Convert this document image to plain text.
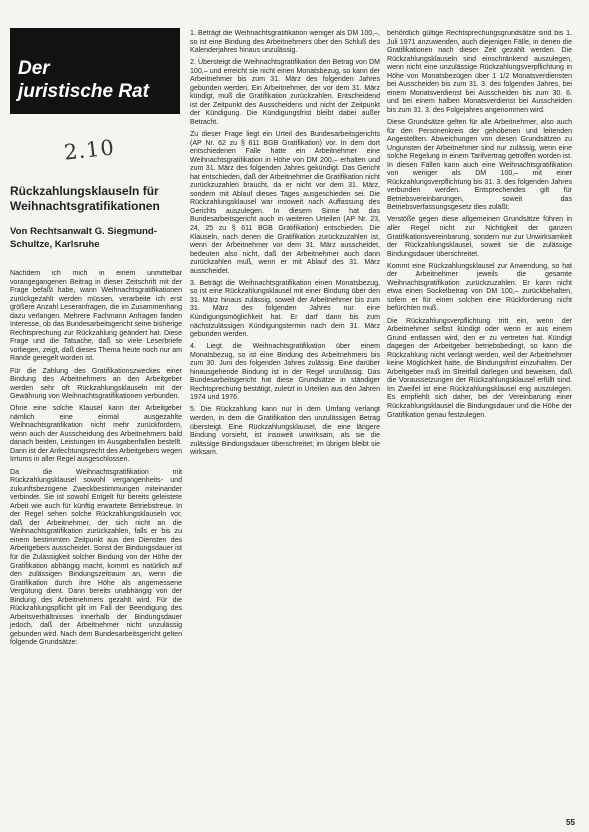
Der
juristische Rat
2.10
Rückzahlungsklauseln für Weihnachtsgratifikationen
Von Rechtsanwalt G. Siegmund-Schultze, Karlsruhe

Nachdem ich mich in einem unmittelbar vorangegangenen Beitrag in dieser Zeitschrift mit der Frage befaßt habe, wann Weihnachtsgratifikationen zurückgezahlt werden müssen, verarbeite ich erst größere Anzahl Leseranfragen, die im Zusammenhang dazu verlangen. Mehrere Fachmann Anfragen fanden Interesse, ob das Bundesarbeitsgericht seine bisherige Rechtsprechung zur Rückzahlung geändert hat. Diese Frage und die Tatsache, daß so viele Leserbriefe vorliegen, zeigt, daß dieses Thema heute noch nur am Rande geregelt worden ist.

Für die Zahlung des Gratifikationszweckes einer Bindung des Arbeitnehmers an den Arbeitgeber werden sehr oft Rückzahlungsklauseln mit der Gewährung von Weihnachtsgratifikationen verbunden.

Ohne eine solche Klausel kann der Arbeitgeber nämlich eine einmal ausgezahlte Weihnachtsgratifikation nicht mehr zurückfordern, wenn auch der Ausscheidung des Arbeitnehmers bald danach beiden, Leistungen im Ausgabenfallen bestellt. Dann ist der Anfechtungsrecht des Arbeitgebers wegen Irrtums in aller Regel ausgeschlossen.

Da die Weihnachtsgratifikation mit Rückzahlungsklausel sowohl vergangenheits- und zukunftsbezogene Zweckbestimmungen miteinander verbindet. Sie ist sowohl Entgelt für bereits geleistete Arbeit wie auch für künftig erwartete Betriebstreue. In der Regel sehen solche Rückzahlungsklauseln vor, daß der Arbeitnehmer, der sich nicht an die Weihnachtsgratifikation zurückzahlen, falls er bis zu einem bestimmten Zeitpunkt aus den Diensten des Arbeitgebers ausscheidet. Sonst der Bindungsdauer ist für die Zulässigkeit solcher Bindung von der Höhe der Gratifikation abhängig macht, kommt es natürlich auf den zulässigen Bindungszeitraum an, wenn die Gratifikation durch ihre Höhe als angemessene Vergütung dient. Dann bereits unabhängig von der Bindung des Arbeitnehmers gezahlt wird. Für die Rückzahlungspflicht gilt im Fall der Beendigung des Arbeitsverhältnisses innerhalb der Bindungsdauer jedoch, daß der Arbeitnehmer nicht unzulässig gebunden wird. Nach dem Bundesarbeitsgericht gelten folgende Grundsätze:

1. Beträgt die Weihnachtsgratifikation weniger als DM 100,–, so ist eine Bindung des Arbeitnehmers über den Schluß des Kalenderjahres hinaus unzulässig.

2. Übersteigt die Weihnachtsgratifikation den Betrag von DM 100,– und erreicht sie nicht einen Monatsbezug, so kann der Arbeitnehmer bis zum 31. März des folgenden Jahres gebunden werden. Ein Arbeitnehmer, der vor dem 31. März kündigt, muß die Gratifikation zurückzahlen. Entscheidend ist der Zeitpunkt des Ausscheidens und nicht der Zeitpunkt der Kündigung. Die Kündigungsfrist bleibt dabei außer Betracht.

Zu dieser Frage liegt ein Urteil des Bundesarbeitsgerichts (AP Nr. 62 zu § 611 BGB Gratifikation) vor. In dem dort entschiedenen Falle hatte ein Arbeitnehmer eine Weihnachtsgratifikation in Höhe von DM 200,– erhalten und zum 31. März des folgenden Jahres gekündigt. Das Gericht hat entschieden, daß der Arbeitnehmer die Gratifikation nicht zurückzuzahlen braucht, da er nicht vor dem 31. März, sondern mit Ablauf dieses Tages ausgeschieden sei. Die Rückzahlungsklausel war insoweit nach Auffassung des Gerichts auszulegen. In diesem Sinne hat das Bundesarbeitsgericht auch in weiteren Urteilen (AP Nr. 23, 24, 25 zu § 611 BGB Gratifikation) entschieden. Die Klauseln, nach denen die Gratifikation zurückzuzahlen ist, wenn der Arbeitnehmer vor dem 31. März ausscheidet, bedeuten also nicht, daß der Arbeitnehmer auch dann zurückzahlen muß, wenn er mit Ablauf des 31. März ausscheidet.

3. Beträgt die Weihnachtsgratifikation einen Monatsbezug, so ist eine Rückzahlungsklausel mit einer Bindung über den 31. März hinaus zulässig, soweit der Arbeitnehmer bis zum 31. März des folgenden Jahres nur eine Kündigungsmöglichkeit hat. Er darf dann bis zum nächstzulässigen Kündigungstermin nach dem 31. März gebunden werden.

4. Liegt die Weihnachtsgratifikation über einem Monatsbezug, so ist eine Bindung des Arbeitnehmers bis zum 30. Juni des folgenden Jahres zulässig. Eine darüber hinausgehende Bindung ist in der Regel unzulässig. Das Bundesarbeitsgericht hat diese Grundsätze in ständiger Rechtsprechung bestätigt, zuletzt in Urteilen aus den Jahren 1974 und 1976.

5. Die Rückzahlung kann nur in dem Umfang verlangt werden, in dem die Gratifikation den unzulässigen Betrag übersteigt. Eine Rückzahlungsklausel, die eine längere Bindung vorsieht, ist insoweit unwirksam, als sie die zulässige Bindungsdauer überschreitet; im übrigen bleibt sie wirksam.

behördlich gültige Rechtsprechungsgrundsätze sind bis 1. Juli 1971 anzuwenden, auch diejenigen Fälle, in denen die Gratifikationen nach dieser Zeit gezahlt werden. Die Rückzahlungsklauseln sind einschränkend auszulegen, wenn nicht eine unzulässige Rückzahlungsverpflichtung in Höhe von Monatsbezügen über 1 1/2 Monatsverdiensten bei Ausscheiden bis zum 31. 3. des folgenden Jahres, bei einem Monatsverdienst bei Ausscheiden bis zum 30. 6. und bei einem halben Monatsverdienst bei Ausscheiden bis zum 31. 3. des Folgejahres angenommen wird.

Diese Grundsätze gelten für alle Arbeitnehmer, also auch für den Personenkreis der gehobenen und leitenden Angestellten. Abweichungen von diesen Grundsätzen zu Ungunsten der Arbeitnehmer sind nur zulässig, wenn eine solche Regelung in einem Tarifvertrag getroffen worden ist. In diesen Fällen kann auch eine Weihnachtsgratifikation von weniger als DM 100,– mit einer Rückzahlungsverpflichtung bis 31. 3. des folgenden Jahres verbunden werden. Entsprechendes gilt für Betriebsvereinbarungen, soweit das Betriebsverfassungsgesetz dies zuläßt.

Verstöße gegen diese allgemeinen Grundsätze führen in aller Regel nicht zur Nichtigkeit der ganzen Gratifikationsvereinbarung, sondern nur zur Unwirksamkeit der Rückzahlungsklausel, soweit sie die zulässige Bindungsdauer überschreitet.

Kommt eine Rückzahlungsklausel zur Anwendung, so hat der Arbeitnehmer jeweils die gesamte Weihnachtsgratifikation zurückzuzahlen. Er kann nicht etwa einen Sockelbetrag von DM 100,– zurückbehalten, sofern er für einen solchen eine Rückforderung nicht befürchten muß.

Die Rückzahlungsverpflichtung tritt ein, wenn der Arbeitnehmer selbst kündigt oder wenn er aus einem Grund entlassen wird, den er zu vertreten hat. Kündigt dagegen der Arbeitgeber betriebsbedingt, so kann die Rückzahlung nicht verlangt werden, weil der Arbeitnehmer keine Möglichkeit hatte, die Bindungsfrist einzuhalten. Der Arbeitgeber muß im Streitfall darlegen und beweisen, daß die Voraussetzungen der Rückzahlungsklausel erfüllt sind. Im Zweifel ist eine Rückzahlungsklausel eng auszulegen. Es empfiehlt sich daher, bei der Vereinbarung einer Rückzahlungsklausel die Bindungsdauer und die Höhe der Gratifikation genau festzulegen.

55
